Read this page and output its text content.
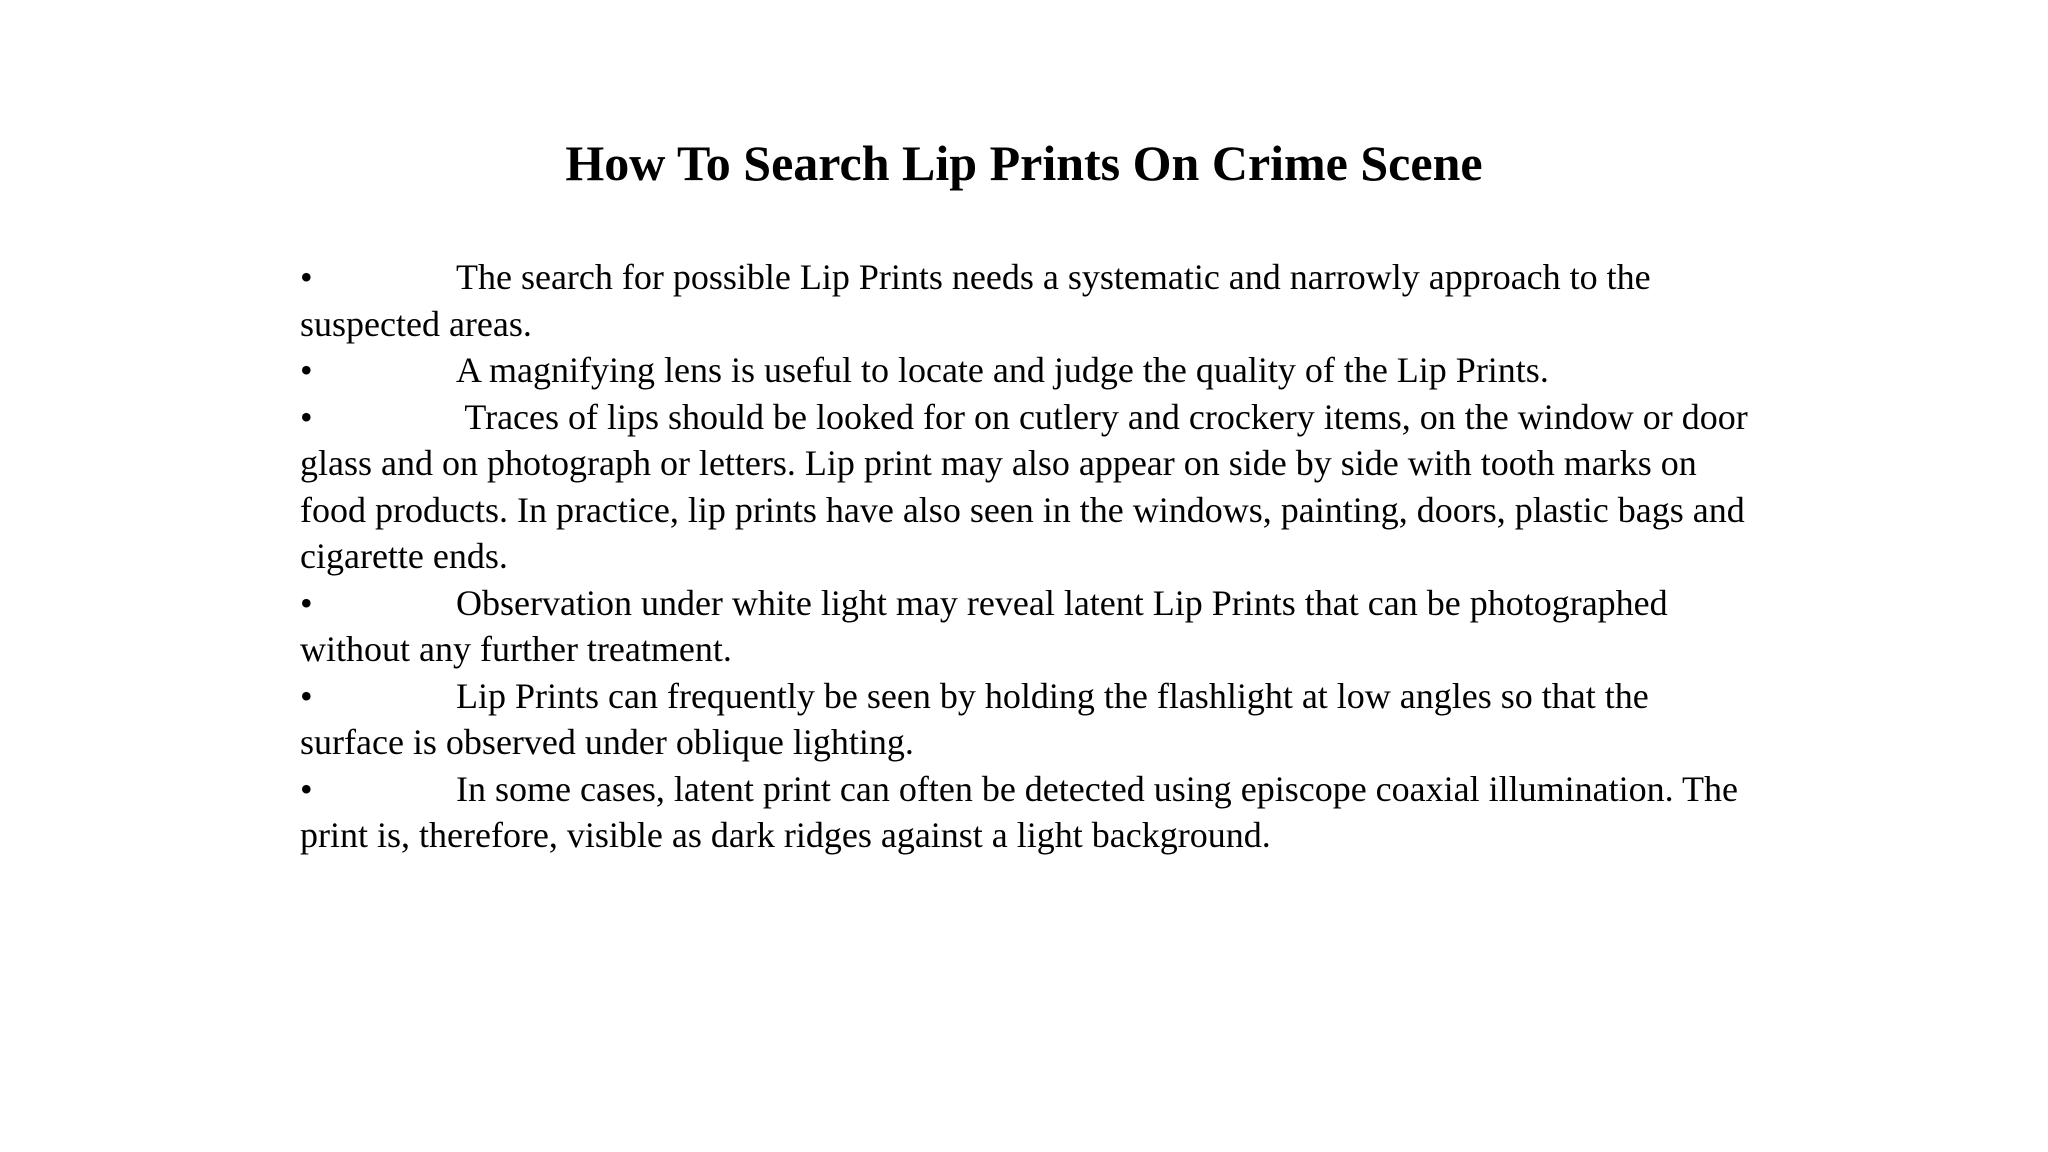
How To Search Lip Prints On Crime Scene
•	The search for possible Lip Prints needs a systematic and narrowly approach to the suspected areas.
•	A magnifying lens is useful to locate and judge the quality of the Lip Prints.
•	Traces of lips should be looked for on cutlery and crockery items, on the window or door glass and on photograph or letters. Lip print may also appear on side by side with tooth marks on food products. In practice, lip prints have also seen in the windows, painting, doors, plastic bags and cigarette ends.
•	Observation under white light may reveal latent Lip Prints that can be photographed without any further treatment.
•	Lip Prints can frequently be seen by holding the flashlight at low angles so that the surface is observed under oblique lighting.
•	In some cases, latent print can often be detected using episcope coaxial illumination. The print is, therefore, visible as dark ridges against a light background.
